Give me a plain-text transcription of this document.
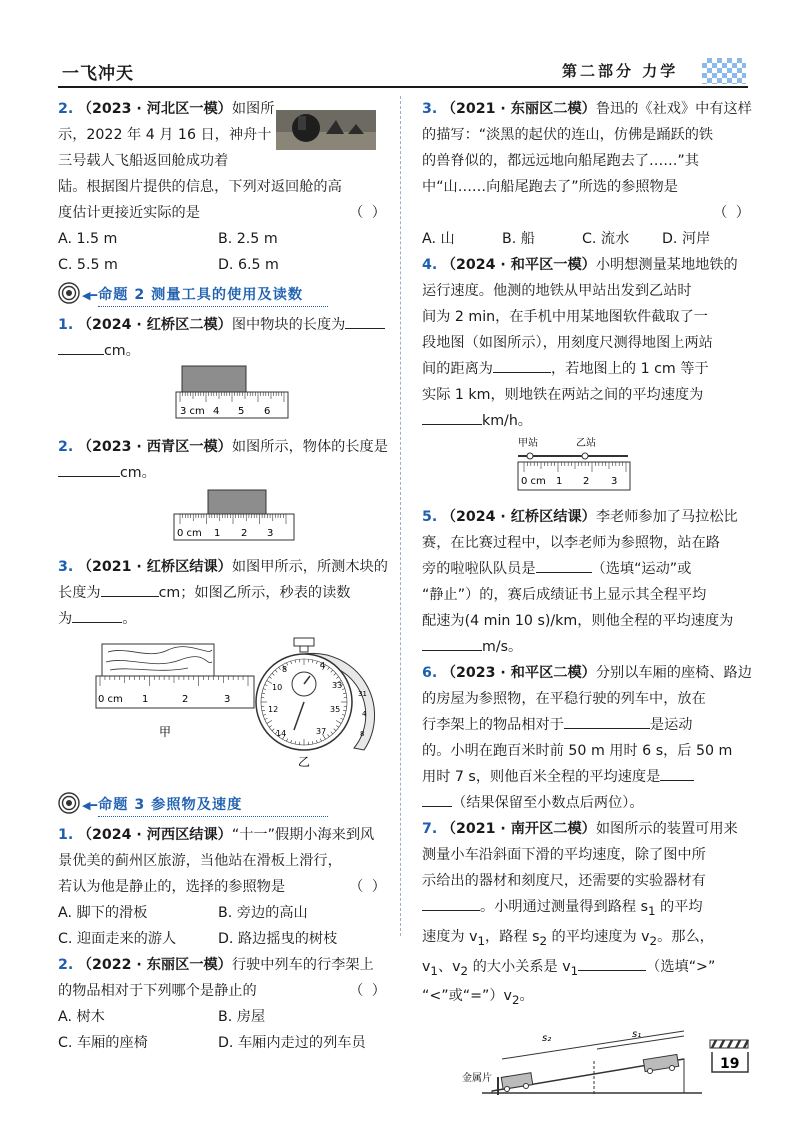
一飞冲天	第二部分 力学

2. （2023 · 河北区一模）如图所
示，2022 年 4 月 16 日，神舟十
三号载人飞船返回舱成功着
陆。根据图片提供的信息，下列对返回舱的高
度估计更接近实际的是	（ ）

A. 1.5 m	B. 2.5 m
C. 5.5 m	D. 6.5 m
◀━ 命题 2 测量工具的使用及读数

1. （2024 · 红桥区二模）图中物块的长度为
cm。

3 cm 4 5 6

2. （2023 · 西青区一模）如图所示，物体的长度是
cm。

0 cm 1 2 3

3. （2021 · 红桥区结课）如图甲所示，所测木块的
长度为	cm；如图乙所示，秒表的读数
为	。

0 cm 1	2	3
甲	14
12
10
8	4
33
35
37
31
4
8
乙
◀━ 命题 3 参照物及速度

1. （2024 · 河西区结课）“十一”假期小海来到风
景优美的蓟州区旅游，当他站在滑板上滑行，
若认为他是静止的，选择的参照物是	（ ）

A. 脚下的滑板	B. 旁边的高山
C. 迎面走来的游人	D. 路边摇曳的树枝

2. （2022 · 东丽区一模）行驶中列车的行李架上
的物品相对于下列哪个是静止的	（ ）

A. 树木	B. 房屋
C. 车厢的座椅	D. 车厢内走过的列车员

3. （2021 · 东丽区二模）鲁迅的《社戏》中有这样
的描写：“淡黑的起伏的连山，仿佛是踊跃的铁
的兽脊似的，都远远地向船尾跑去了……”其
中“山……向船尾跑去了”所选的参照物是

（ ）

A. 山	B. 船	C. 流水	D. 河岸

4. （2024 · 和平区一模）小明想测量某地地铁的
运行速度。他测的地铁从甲站出发到乙站时
间为 2 min，在手机中用某地图软件截取了一
段地图（如图所示），用刻度尺测得地图上两站
间的距离为	，若地图上的 1 cm 等于
实际 1 km，则地铁在两站之间的平均速度为
km/h。

甲站	乙站
0 cm 1 2 3

5. （2024 · 红桥区结课）李老师参加了马拉松比
赛，在比赛过程中，以李老师为参照物，站在路
旁的啦啦队队员是	（选填“运动”或
“静止”）的，赛后成绩证书上显示其全程平均
配速为(4 min 10 s)/km，则他全程的平均速度为
m/s。

6. （2023 · 和平区二模）分别以车厢的座椅、路边
的房屋为参照物，在平稳行驶的列车中，放在
行李架上的物品相对于	是运动
的。小明在跑百米时前 50 m 用时 6 s，后 50 m
用时 7 s，则他百米全程的平均速度是
（结果保留至小数点后两位）。

7. （2021 · 南开区二模）如图所示的装置可用来
测量小车沿斜面下滑的平均速度，除了图中所
示给出的器材和刻度尺，还需要的实验器材有
。小明通过测量得到路程 $s_1$ 的平均
速度为 $v_1$，路程 $s_2$ 的平均速度为 $v_2$。那么，
$v_1$、$v_2$ 的大小关系是 $v_1$	（选填“>”
“<”或“$=”)v_2$。

金属片
s₂	s₁
19
